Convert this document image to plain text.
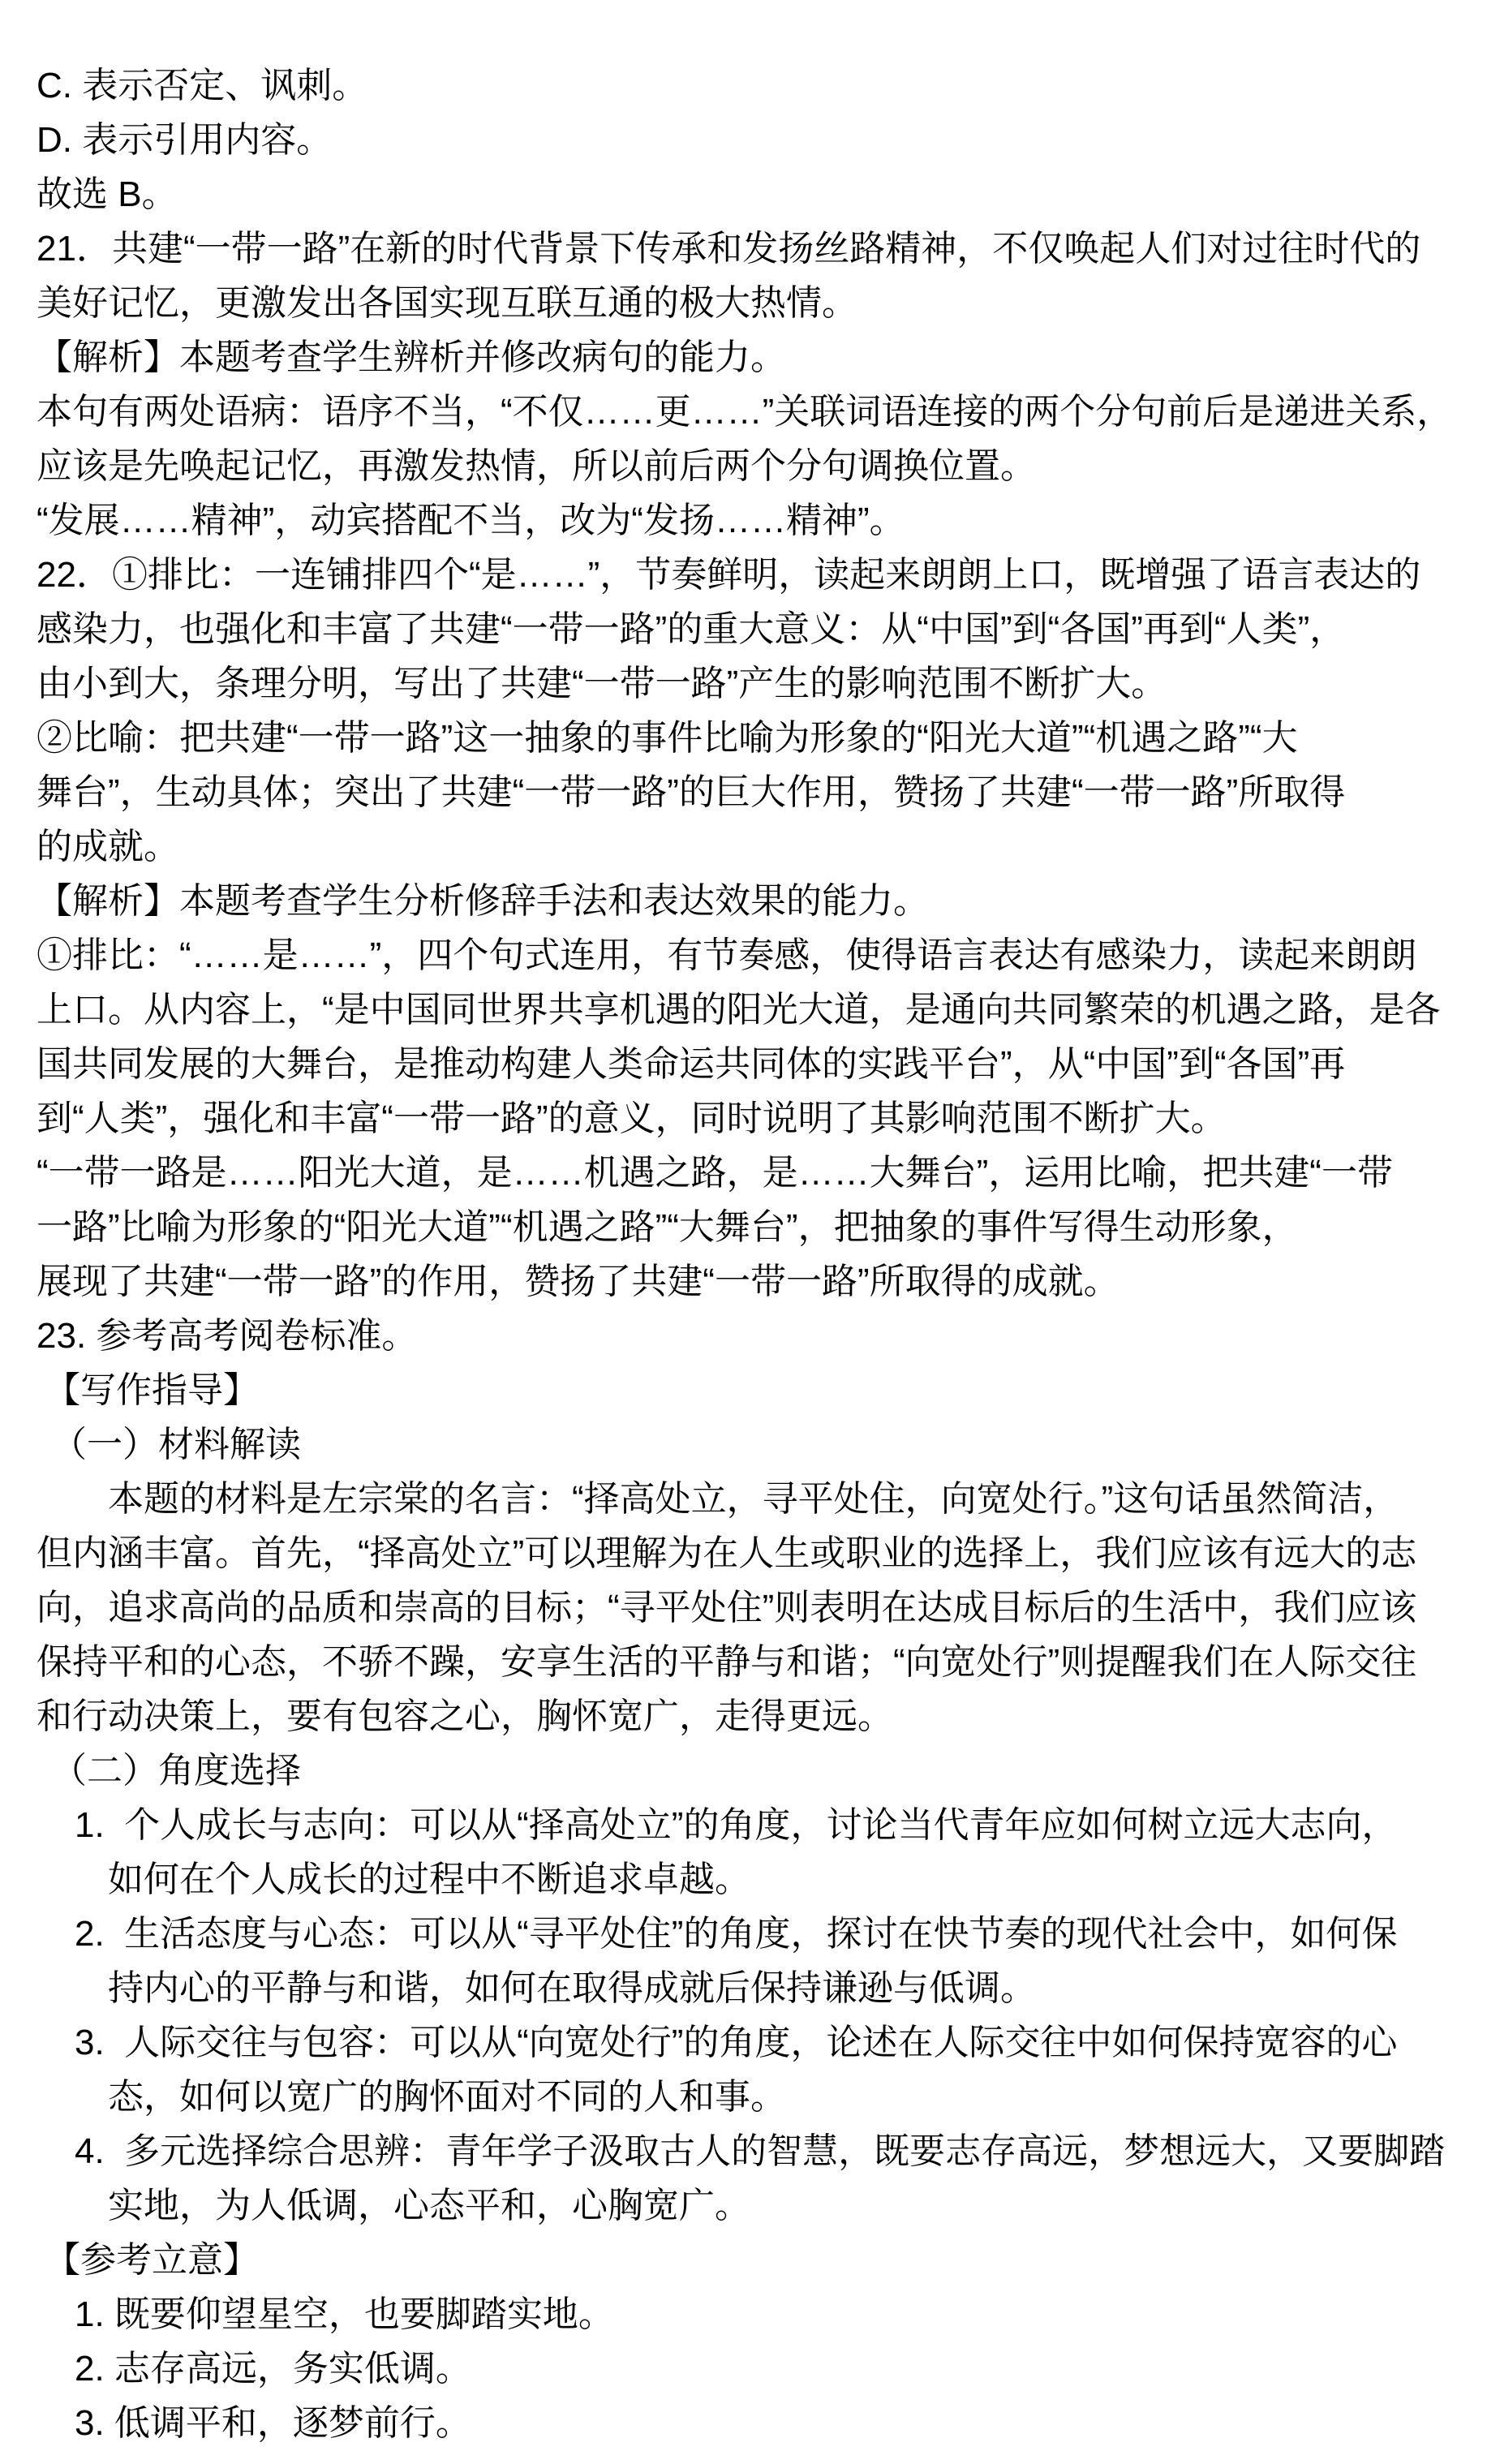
C. 表示否定、讽刺。
D. 表示引用内容。
故选 B。
21．共建“一带一路”在新的时代背景下传承和发扬丝路精神，不仅唤起人们对过往时代的
美好记忆，更激发出各国实现互联互通的极大热情。
【解析】本题考查学生辨析并修改病句的能力。
本句有两处语病：语序不当，“不仅……更……”关联词语连接的两个分句前后是递进关系，
应该是先唤起记忆，再激发热情，所以前后两个分句调换位置。
“发展……精神”，动宾搭配不当，改为“发扬……精神”。
22．①排比：一连铺排四个“是……”，节奏鲜明，读起来朗朗上口，既增强了语言表达的
感染力，也强化和丰富了共建“一带一路”的重大意义：从“中国”到“各国”再到“人类”，
由小到大，条理分明，写出了共建“一带一路”产生的影响范围不断扩大。
②比喻：把共建“一带一路”这一抽象的事件比喻为形象的“阳光大道”“机遇之路”“大
舞台”，生动具体；突出了共建“一带一路”的巨大作用，赞扬了共建“一带一路”所取得
的成就。
【解析】本题考查学生分析修辞手法和表达效果的能力。
①排比：“……是……”，四个句式连用，有节奏感，使得语言表达有感染力，读起来朗朗
上口。从内容上，“是中国同世界共享机遇的阳光大道，是通向共同繁荣的机遇之路，是各
国共同发展的大舞台，是推动构建人类命运共同体的实践平台”，从“中国”到“各国”再
到“人类”，强化和丰富“一带一路”的意义，同时说明了其影响范围不断扩大。
“一带一路是……阳光大道，是……机遇之路，是……大舞台”，运用比喻，把共建“一带
一路”比喻为形象的“阳光大道”“机遇之路”“大舞台”，把抽象的事件写得生动形象，
展现了共建“一带一路”的作用，赞扬了共建“一带一路”所取得的成就。
23. 参考高考阅卷标准。
【写作指导】
（一）材料解读
本题的材料是左宗棠的名言：“择高处立，寻平处住，向宽处行。”这句话虽然简洁，
但内涵丰富。首先，“择高处立”可以理解为在人生或职业的选择上，我们应该有远大的志
向，追求高尚的品质和崇高的目标；“寻平处住”则表明在达成目标后的生活中，我们应该
保持平和的心态，不骄不躁，安享生活的平静与和谐；“向宽处行”则提醒我们在人际交往
和行动决策上，要有包容之心，胸怀宽广，走得更远。
（二）角度选择
1.  个人成长与志向：可以从“择高处立”的角度，讨论当代青年应如何树立远大志向，
如何在个人成长的过程中不断追求卓越。
2.  生活态度与心态：可以从“寻平处住”的角度，探讨在快节奏的现代社会中，如何保
持内心的平静与和谐，如何在取得成就后保持谦逊与低调。
3.  人际交往与包容：可以从“向宽处行”的角度，论述在人际交往中如何保持宽容的心
态，如何以宽广的胸怀面对不同的人和事。
4.  多元选择综合思辨：青年学子汲取古人的智慧，既要志存高远，梦想远大，又要脚踏
实地，为人低调，心态平和，心胸宽广。
【参考立意】
1. 既要仰望星空，也要脚踏实地。
2. 志存高远，务实低调。
3. 低调平和，逐梦前行。
